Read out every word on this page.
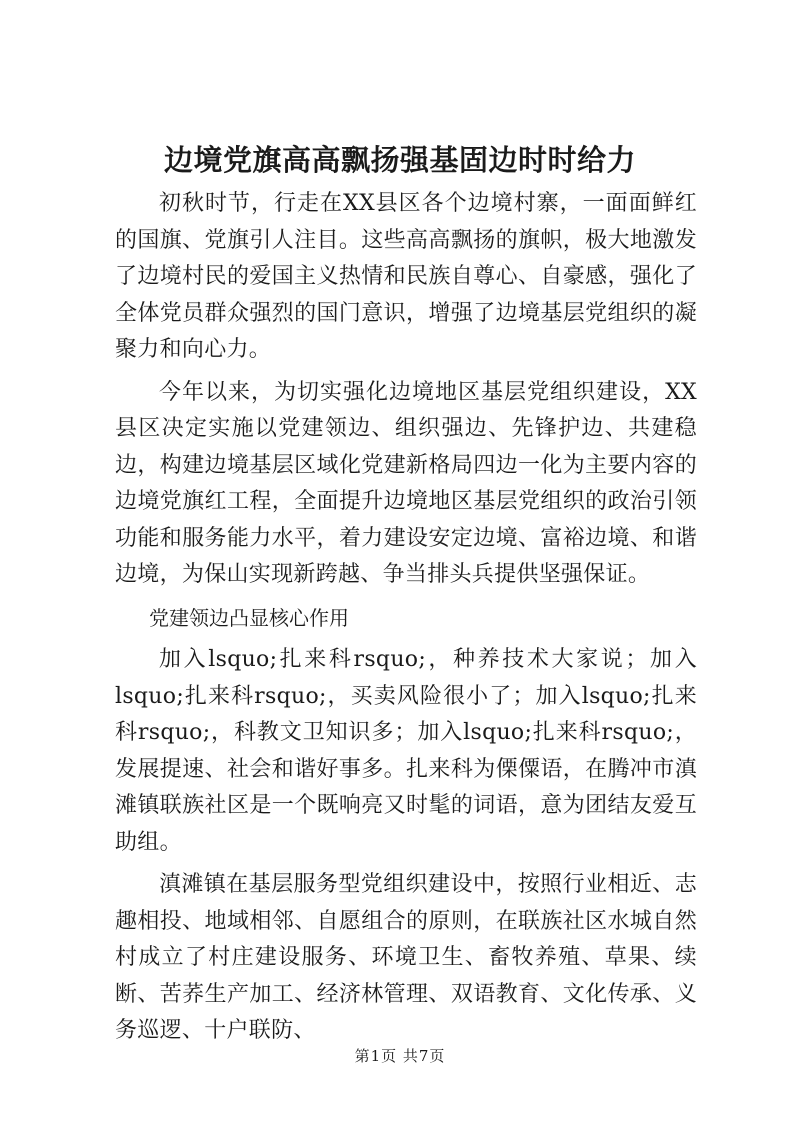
边境党旗高高飘扬强基固边时时给力

初秋时节，行走在XX县区各个边境村寨，一面面鲜红的国旗、党旗引人注目。这些高高飘扬的旗帜，极大地激发了边境村民的爱国主义热情和民族自尊心、自豪感，强化了全体党员群众强烈的国门意识，增强了边境基层党组织的凝聚力和向心力。

今年以来，为切实强化边境地区基层党组织建设，XX县区决定实施以党建领边、组织强边、先锋护边、共建稳边，构建边境基层区域化党建新格局四边一化为主要内容的边境党旗红工程，全面提升边境地区基层党组织的政治引领功能和服务能力水平，着力建设安定边境、富裕边境、和谐边境，为保山实现新跨越、争当排头兵提供坚强保证。

党建领边凸显核心作用

加入lsquo;扎来科rsquo;，种养技术大家说；加入lsquo;扎来科rsquo;，买卖风险很小了；加入lsquo;扎来科rsquo;，科教文卫知识多；加入lsquo;扎来科rsquo;，发展提速、社会和谐好事多。扎来科为傈僳语，在腾冲市滇滩镇联族社区是一个既响亮又时髦的词语，意为团结友爱互助组。

滇滩镇在基层服务型党组织建设中，按照行业相近、志趣相投、地域相邻、自愿组合的原则，在联族社区水城自然村成立了村庄建设服务、环境卫生、畜牧养殖、草果、续断、苦荞生产加工、经济林管理、双语教育、文化传承、义务巡逻、十户联防、

第1页 共7页
